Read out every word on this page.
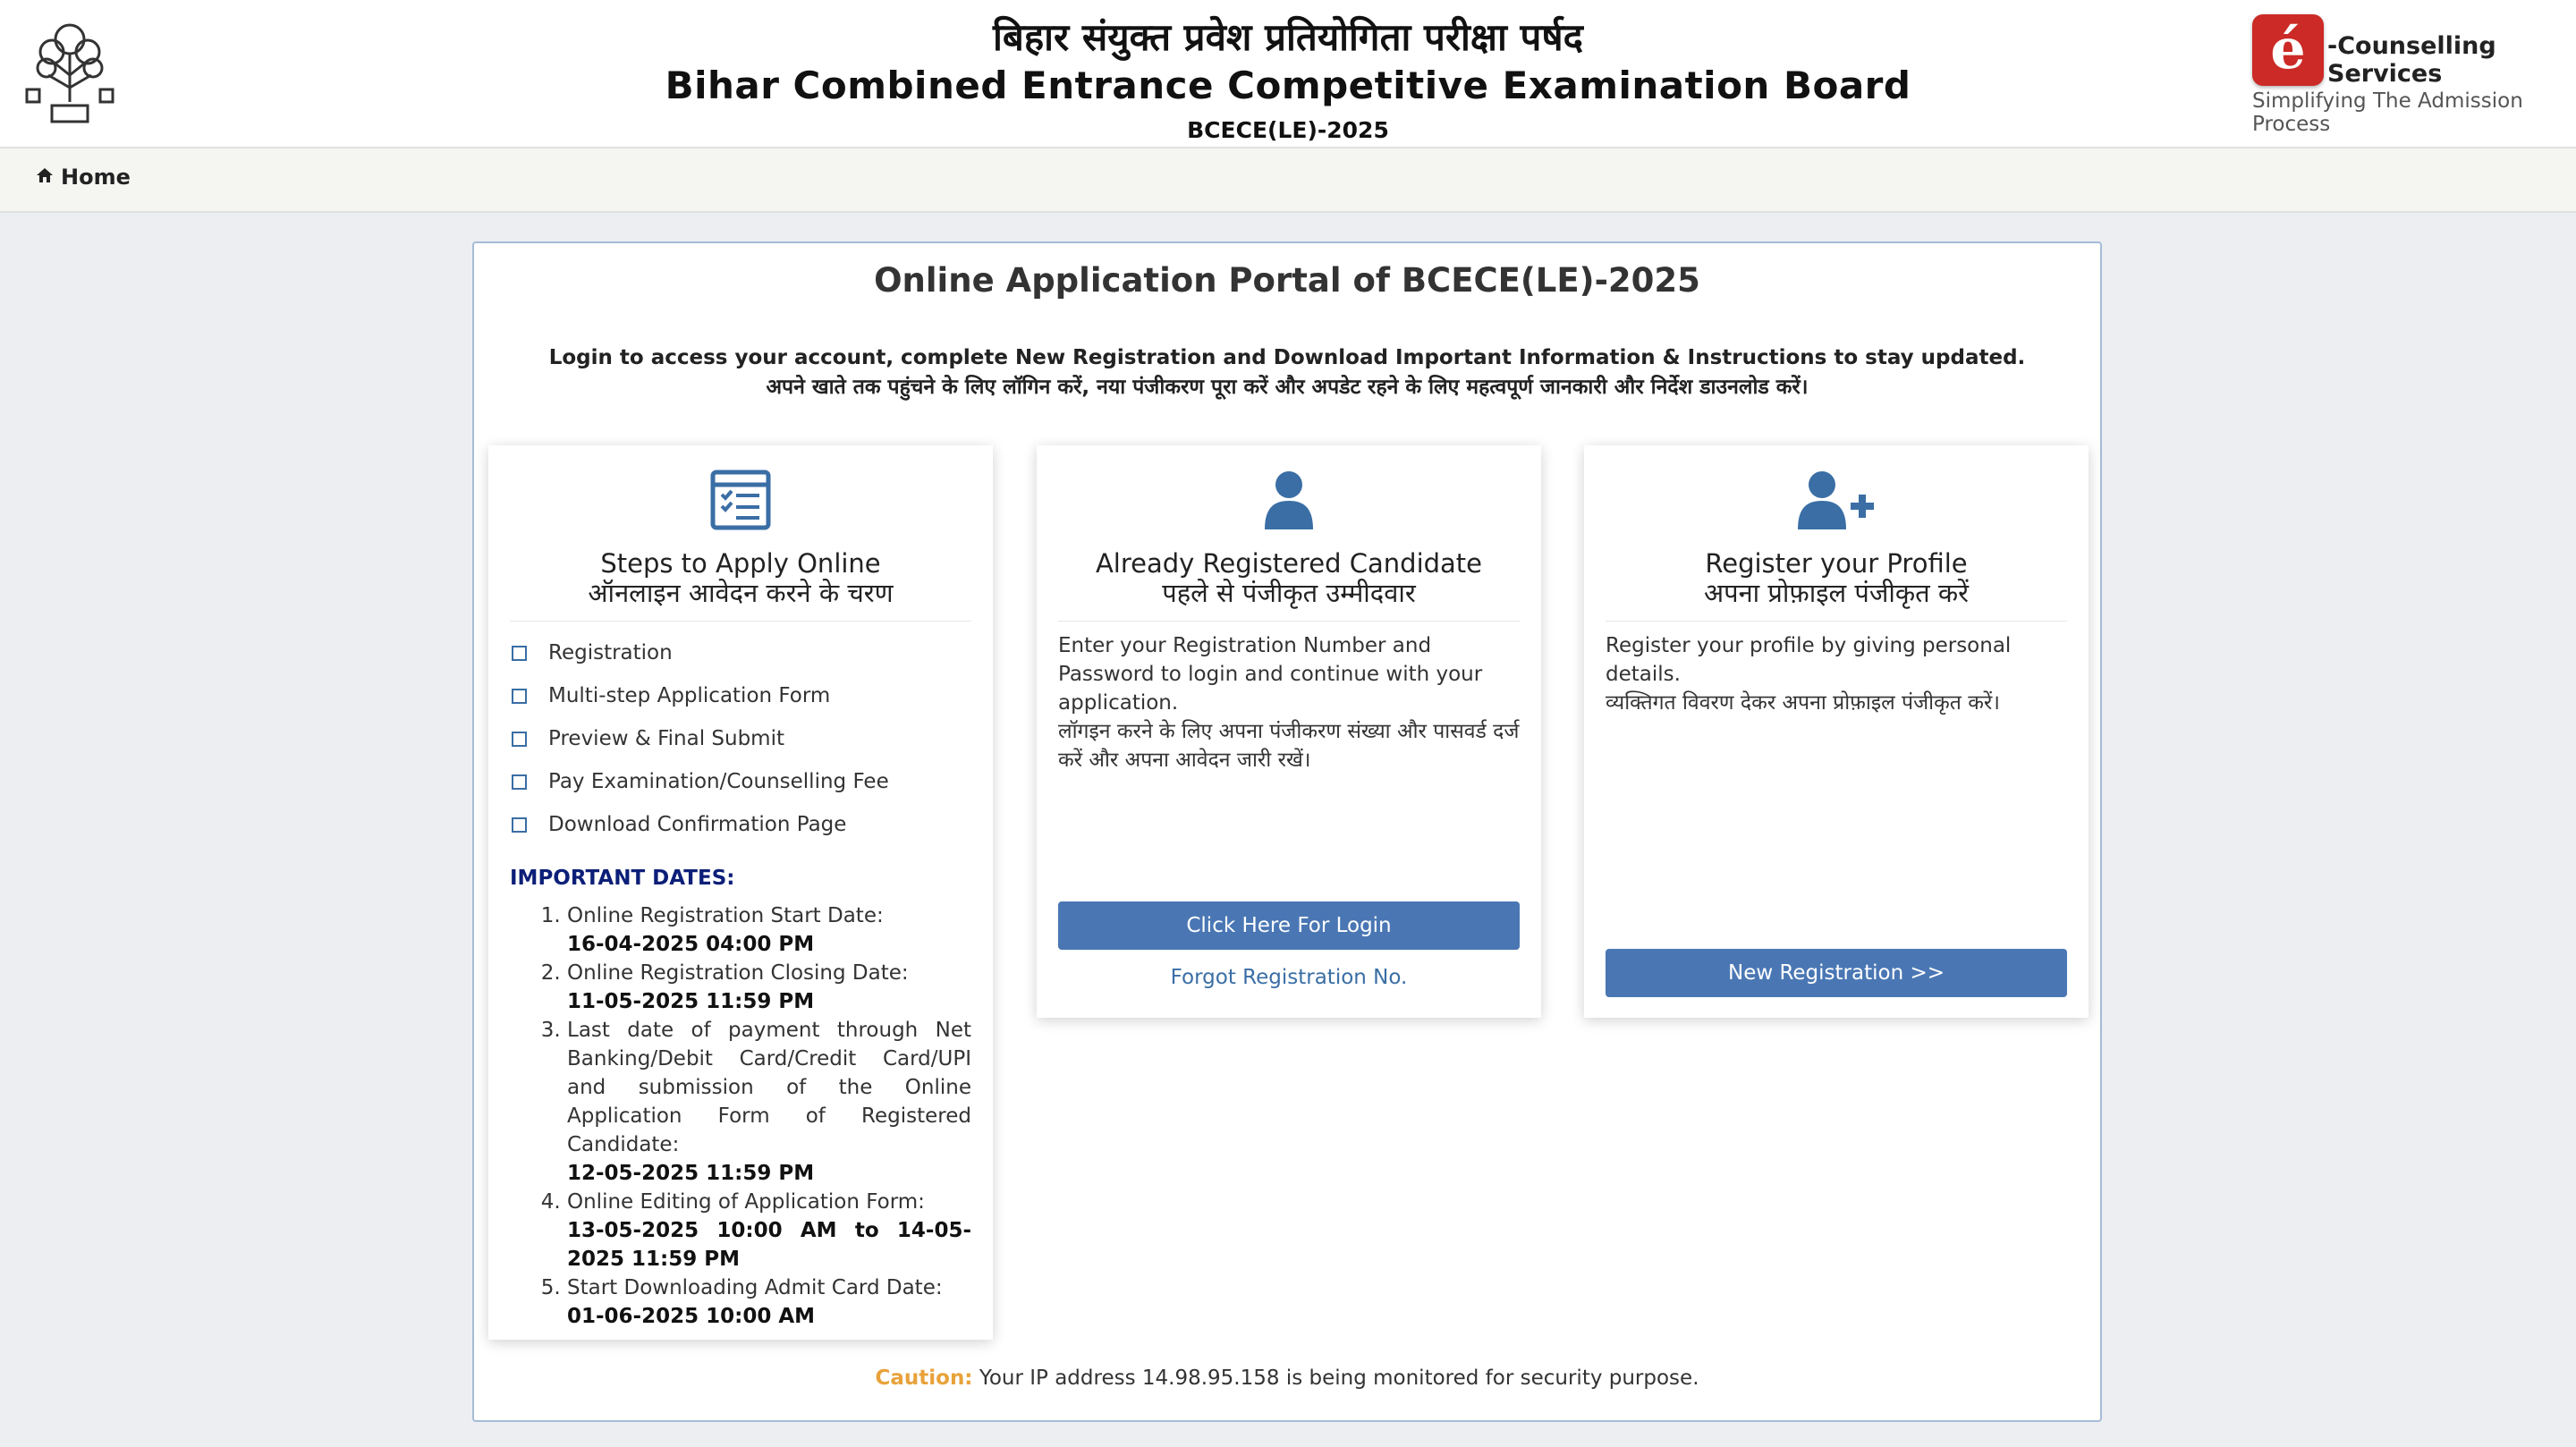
बिहार संयुक्त प्रवेश प्रतियोगिता परीक्षा पर्षद
Bihar Combined Entrance Competitive Examination Board
BCECE(LE)-2025
é -Counselling Services
Simplifying The Admission Process
Home
Online Application Portal of BCECE(LE)-2025
Login to access your account, complete New Registration and Download Important Information & Instructions to stay updated.
अपने खाते तक पहुंचने के लिए लॉगिन करें, नया पंजीकरण पूरा करें और अपडेट रहने के लिए महत्वपूर्ण जानकारी और निर्देश डाउनलोड करें।
Steps to Apply Online
ऑनलाइन आवेदन करने के चरण
Registration
Multi-step Application Form
Preview & Final Submit
Pay Examination/Counselling Fee
Download Confirmation Page
IMPORTANT DATES:
1. Online Registration Start Date:
16-04-2025 04:00 PM
2. Online Registration Closing Date:
11-05-2025 11:59 PM
3. Last date of payment through Net Banking/Debit Card/Credit Card/UPI and submission of the Online Application Form of Registered Candidate:
12-05-2025 11:59 PM
4. Online Editing of Application Form:
13-05-2025 10:00 AM to 14-05-2025 11:59 PM
5. Start Downloading Admit Card Date:
01-06-2025 10:00 AM
Already Registered Candidate
पहले से पंजीकृत उम्मीदवार
Enter your Registration Number and Password to login and continue with your application.
लॉगइन करने के लिए अपना पंजीकरण संख्या और पासवर्ड दर्ज करें और अपना आवेदन जारी रखें।
Click Here For Login
Forgot Registration No.
Register your Profile
अपना प्रोफ़ाइल पंजीकृत करें
Register your profile by giving personal details.
व्यक्तिगत विवरण देकर अपना प्रोफ़ाइल पंजीकृत करें।
New Registration >>
Caution: Your IP address 14.98.95.158 is being monitored for security purpose.
